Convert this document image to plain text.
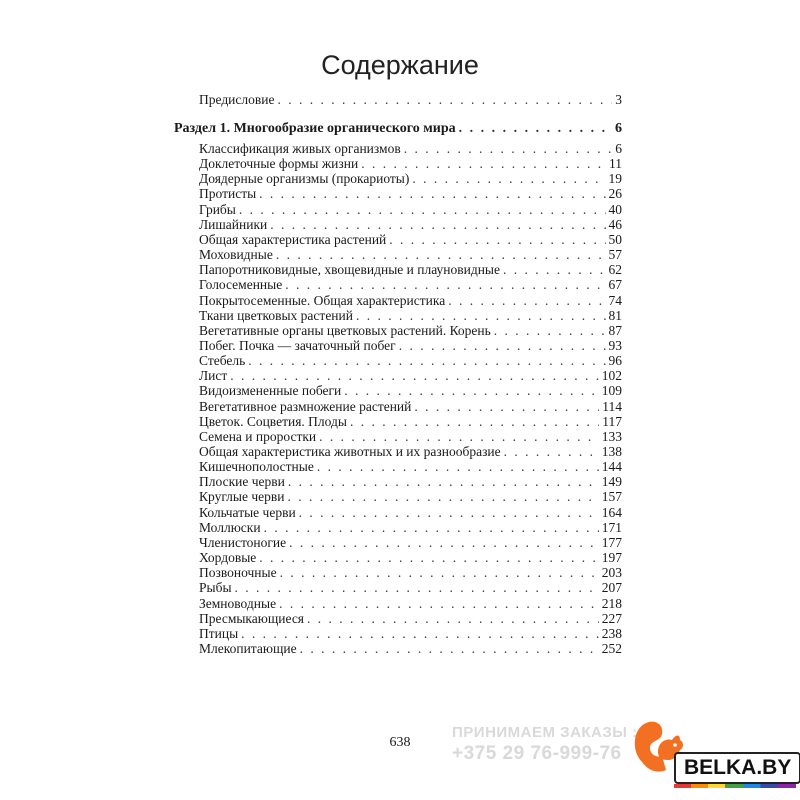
Содержание
Предисловие . . .	3
Раздел 1. Многообразие органического мира . . .	6
Классификация живых организмов . . .	6
Доклеточные формы жизни . . .	11
Доядерные организмы (прокариоты) . . .	19
Протисты . . .	26
Грибы . . .	40
Лишайники . . .	46
Общая характеристика растений . . .	50
Моховидные . . .	57
Папоротниковидные, хвощевидные и плауновидные . . .	62
Голосеменные . . .	67
Покрытосеменные. Общая характеристика . . .	74
Ткани цветковых растений . . .	81
Вегетативные органы цветковых растений. Корень . . .	87
Побег. Почка — зачаточный побег . . .	93
Стебель . . .	96
Лист . . .	102
Видоизмененные побеги . . .	109
Вегетативное размножение растений . . .	114
Цветок. Соцветия. Плоды . . .	117
Семена и проростки . . .	133
Общая характеристика животных и их разнообразие . . .	138
Кишечнополостные . . .	144
Плоские черви . . .	149
Круглые черви . . .	157
Кольчатые черви . . .	164
Моллюски . . .	171
Членистоногие . . .	177
Хордовые . . .	197
Позвоночные . . .	203
Рыбы . . .	207
Земноводные . . .	218
Пресмыкающиеся . . .	227
Птицы . . .	238
Млекопитающие . . .	252
638
ПРИНИМАЕМ ЗАКАЗЫ :
+375 29 76-999-76
BELKA.BY
